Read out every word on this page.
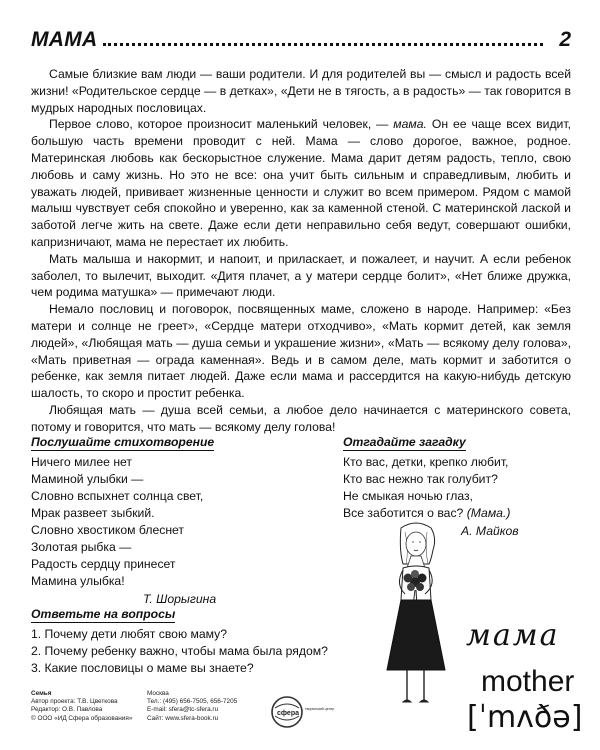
МАМА	2

Самые близкие вам люди — ваши родители. И для родителей вы — смысл и радость всей жизни! «Родительское сердце — в детках», «Дети не в тягость, а в радость» — так говорится в мудрых народных пословицах.

Первое слово, которое произносит маленький человек, — мама. Он ее чаще всех видит, большую часть времени проводит с ней. Мама — слово дорогое, важное, родное. Материнская любовь как бескорыстное служение. Мама дарит детям радость, тепло, свою любовь и саму жизнь. Но это не все: она учит быть сильным и справедливым, любить и уважать людей, прививает жизненные ценности и служит во всем примером. Рядом с мамой малыш чувствует себя спокойно и уверенно, как за каменной стеной. С материнской лаской и заботой легче жить на свете. Даже если дети неправильно себя ведут, совершают ошибки, капризничают, мама не перестает их любить.

Мать малыша и накормит, и напоит, и приласкает, и пожалеет, и научит. А если ребенок заболел, то вылечит, выходит. «Дитя плачет, а у матери сердце болит», «Нет ближе дружка, чем родима матушка» — примечают люди.

Немало пословиц и поговорок, посвященных маме, сложено в народе. Например: «Без матери и солнце не греет», «Сердце матери отходчиво», «Мать кормит детей, как земля людей», «Любящая мать — душа семьи и украшение жизни», «Мать — всякому делу голова», «Мать приветная — ограда каменная». Ведь и в самом деле, мать кормит и заботится о ребенке, как земля питает людей. Даже если мама и рассердится на какую-нибудь детскую шалость, то скоро и простит ребенка.

Любящая мать — душа всей семьи, а любое дело начинается с материнского совета, потому и говорится, что мать — всякому делу голова!

Послушайте стихотворение
Ничего милее нет
Маминой улыбки —
Словно вспыхнет солнца свет,
Мрак развеет зыбкий.
Словно хвостиком блеснет
Золотая рыбка —
Радость сердцу принесет
Мамина улыбка!
Т. Шорыгина
Отгадайте загадку
Кто вас, детки, крепко любит,
Кто вас нежно так голубит?
Не смыкая ночью глаз,
Все заботится о вас? (Мама.)
А. Майков
Ответьте на вопросы
1. Почему дети любят свою маму?
2. Почему ребенку важно, чтобы мама была рядом?
3. Какие пословицы о маме вы знаете?
мама
mother
[ˈmʌðə]
Семья
Автор проекта: Т.В. Цветкова
Редактор: О.В. Павлова
© ООО «ИД Сфера образования»
Москва
Тел.: (495) 656-7505, 656-7205
E-mail: sfera@tc-sfera.ru
Сайт: www.sfera-book.ru
сфера
творческий центр
